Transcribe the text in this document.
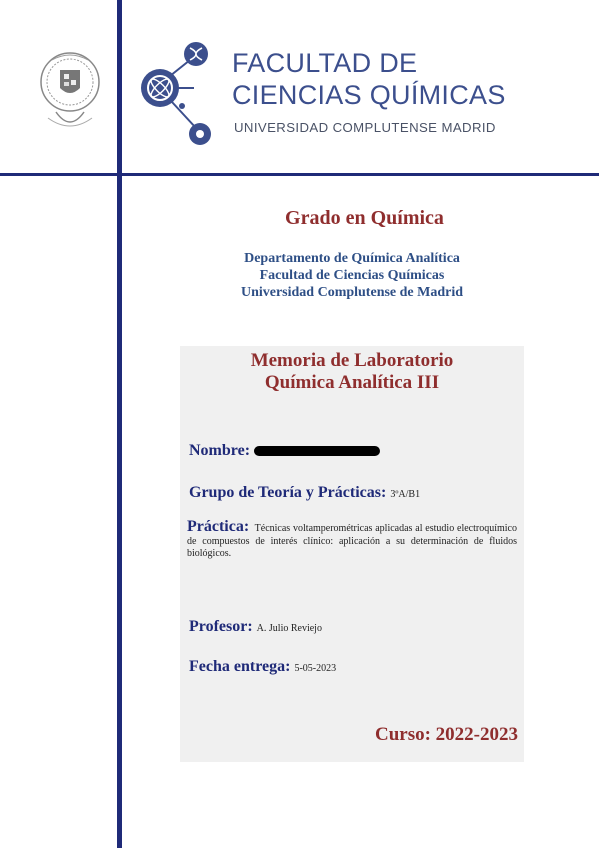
FACULTAD DE
CIENCIAS QUÍMICAS
UNIVERSIDAD COMPLUTENSE MADRID
Grado en Química
Departamento de Química Analítica
Facultad de Ciencias Químicas
Universidad Complutense de Madrid
Memoria de Laboratorio
Química Analítica III
Nombre:
Grupo de Teoría y Prácticas: 3ºA/B1
Práctica: Técnicas voltamperométricas aplicadas al estudio electroquímico de compuestos de interés clínico: aplicación a su determinación de fluidos biológicos.
Profesor: A. Julio Reviejo
Fecha entrega: 5-05-2023
Curso: 2022-2023
